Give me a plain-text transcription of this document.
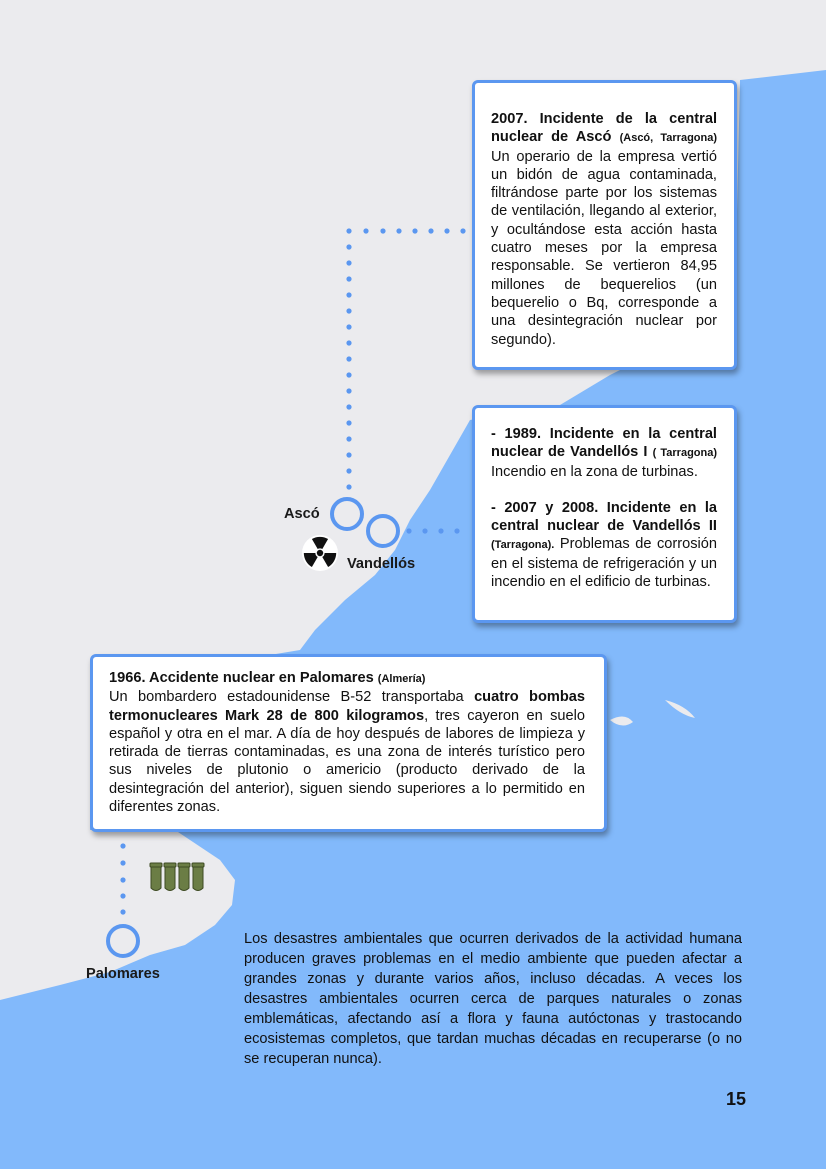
2007. Incidente de la central nuclear de Ascó (Ascó, Tarragona) Un operario de la empresa vertió un bidón de agua contaminada, filtrándose parte por los sistemas de ventilación, llegando al exterior, y ocultándose esta acción hasta cuatro meses por la empresa responsable. Se vertieron 84,95 millones de bequerelios (un bequerelio o Bq, corresponde a una desintegración nuclear por segundo).

- 1989. Incidente en la central nuclear de Vandellós I ( Tarragona) Incendio en la zona de turbinas.

- 2007 y 2008. Incidente en la central nuclear de Vandellós II (Tarragona). Problemas de corrosión en el sistema de refrigeración y un incendio en el edificio de turbinas.

1966. Accidente nuclear en Palomares (Almería)
Un bombardero estadounidense B-52 transportaba cuatro bombas termonucleares Mark 28 de 800 kilogramos, tres cayeron en suelo español y otra en el mar. A día de hoy después de labores de limpieza y retirada de tierras contaminadas, es una zona de interés turístico pero sus niveles de plutonio o americio (producto derivado de la desintegración del anterior), siguen siendo superiores a lo permitido en diferentes zonas.

Ascó
Vandellós
Palomares

Los desastres ambientales que ocurren derivados de la actividad humana producen graves problemas en el medio ambiente que pueden afectar a grandes zonas y durante varios años, incluso décadas. A veces los desastres ambientales ocurren cerca de parques naturales o zonas emblemáticas, afectando así a flora y fauna autóctonas y trastocando ecosistemas completos, que tardan muchas décadas en recuperarse (o no se recuperan nunca).

15
